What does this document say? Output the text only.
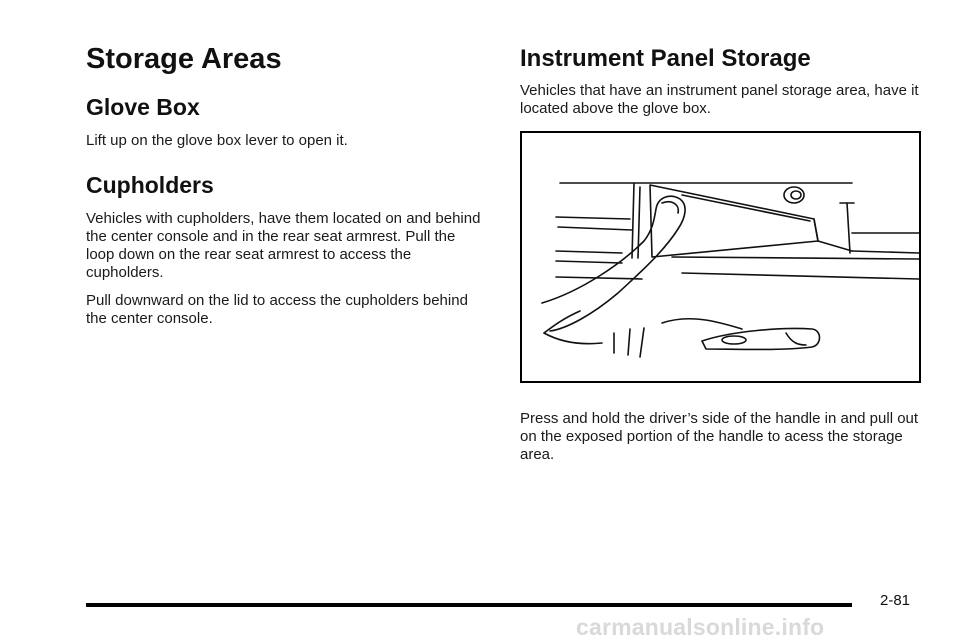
Storage Areas
Glove Box

Lift up on the glove box lever to open it.

Cupholders

Vehicles with cupholders, have them located on and behind the center console and in the rear seat armrest. Pull the loop down on the rear seat armrest to access the cupholders.

Pull downward on the lid to access the cupholders behind the center console.

Instrument Panel Storage

Vehicles that have an instrument panel storage area, have it located above the glove box.

Press and hold the driver’s side of the handle in and pull out on the exposed portion of the handle to acess the storage area.

2-81
carmanualsonline.info
